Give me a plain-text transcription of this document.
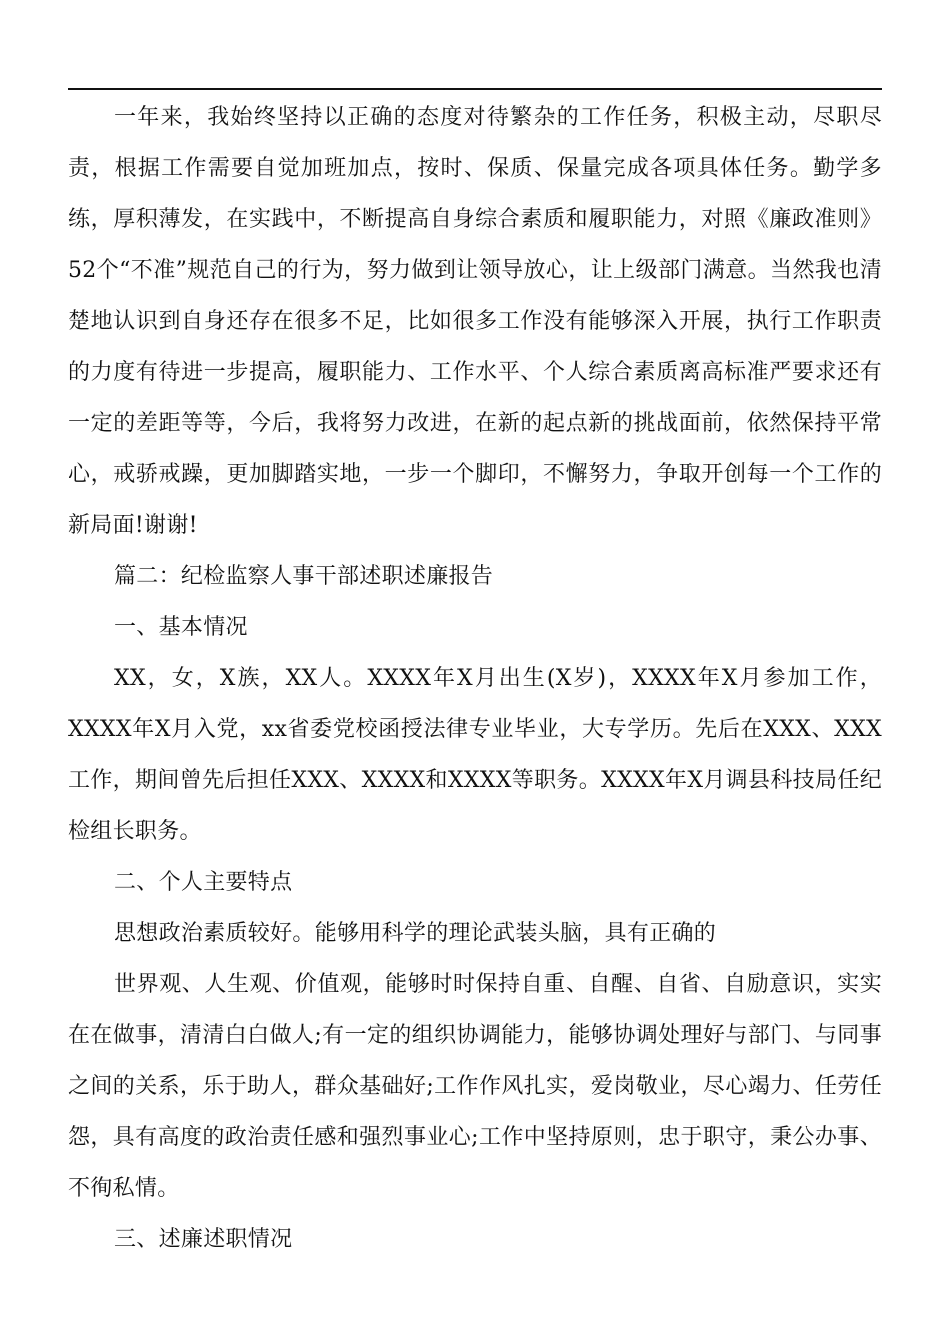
一年来，我始终坚持以正确的态度对待繁杂的工作任务，积极主动，尽职尽责，根据工作需要自觉加班加点，按时、保质、保量完成各项具体任务。勤学多练，厚积薄发，在实践中，不断提高自身综合素质和履职能力，对照《廉政准则》52个“不准”规范自己的行为，努力做到让领导放心，让上级部门满意。当然我也清楚地认识到自身还存在很多不足，比如很多工作没有能够深入开展，执行工作职责的力度有待进一步提高，履职能力、工作水平、个人综合素质离高标准严要求还有一定的差距等等，今后，我将努力改进，在新的起点新的挑战面前，依然保持平常心，戒骄戒躁，更加脚踏实地，一步一个脚印，不懈努力，争取开创每一个工作的新局面!谢谢!

篇二：纪检监察人事干部述职述廉报告

一、基本情况

XX，女，X族，XX人。XXXX年X月出生(X岁)，XXXX年X月参加工作，XXXX年X月入党，xx省委党校函授法律专业毕业，大专学历。先后在XXX、XXX工作，期间曾先后担任XXX、XXXX和XXXX等职务。XXXX年X月调县科技局任纪检组长职务。

二、个人主要特点

思想政治素质较好。能够用科学的理论武装头脑，具有正确的

世界观、人生观、价值观，能够时时保持自重、自醒、自省、自励意识，实实在在做事，清清白白做人;有一定的组织协调能力，能够协调处理好与部门、与同事之间的关系，乐于助人，群众基础好;工作作风扎实，爱岗敬业，尽心竭力、任劳任怨，具有高度的政治责任感和强烈事业心;工作中坚持原则，忠于职守，秉公办事、不徇私情。

三、述廉述职情况
